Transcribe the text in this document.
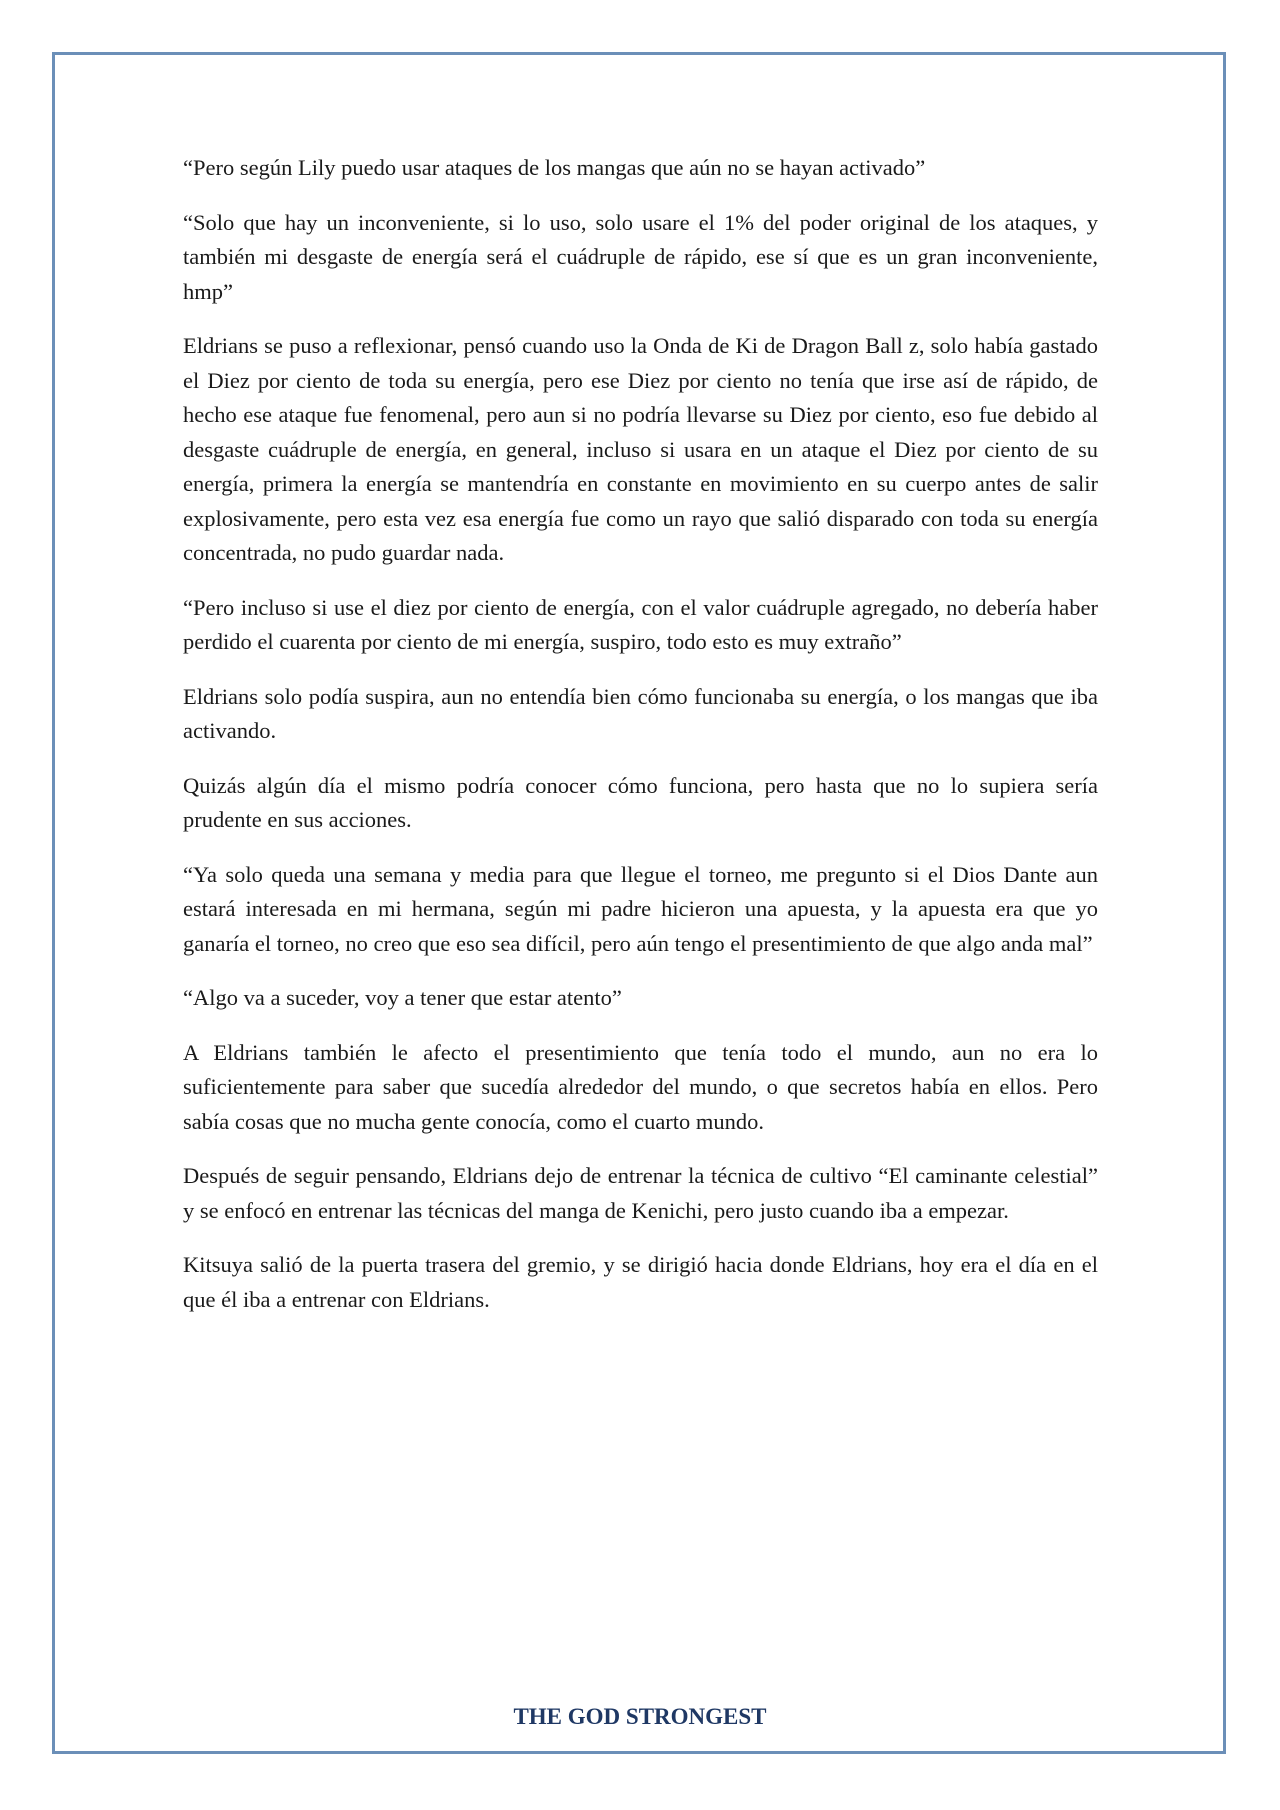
“Pero según Lily puedo usar ataques de los mangas que aún no se hayan activado”

“Solo que hay un inconveniente, si lo uso, solo usare el 1% del poder original de los ataques, y también mi desgaste de energía será el cuádruple de rápido, ese sí que es un gran inconveniente, hmp”

Eldrians se puso a reflexionar, pensó cuando uso la Onda de Ki de Dragon Ball z, solo había gastado el Diez por ciento de toda su energía, pero ese Diez por ciento no tenía que irse así de rápido, de hecho ese ataque fue fenomenal, pero aun si no podría llevarse su Diez por ciento, eso fue debido al desgaste cuádruple de energía, en general, incluso si usara en un ataque el Diez por ciento de su energía, primera la energía se mantendría en constante en movimiento en su cuerpo antes de salir explosivamente, pero esta vez esa energía fue como un rayo que salió disparado con toda su energía concentrada, no pudo guardar nada.

“Pero incluso si use el diez por ciento de energía, con el valor cuádruple agregado, no debería haber perdido el cuarenta por ciento de mi energía, suspiro, todo esto es muy extraño”

Eldrians solo podía suspira, aun no entendía bien cómo funcionaba su energía, o los mangas que iba activando.

Quizás algún día el mismo podría conocer cómo funciona, pero hasta que no lo supiera sería prudente en sus acciones.

“Ya solo queda una semana y media para que llegue el torneo, me pregunto si el Dios Dante aun estará interesada en mi hermana, según mi padre hicieron una apuesta, y la apuesta era que yo ganaría el torneo, no creo que eso sea difícil, pero aún tengo el presentimiento de que algo anda mal”

“Algo va a suceder, voy a tener que estar atento”

A Eldrians también le afecto el presentimiento que tenía todo el mundo, aun no era lo suficientemente para saber que sucedía alrededor del mundo, o que secretos había en ellos. Pero sabía cosas que no mucha gente conocía, como el cuarto mundo.

Después de seguir pensando, Eldrians dejo de entrenar la técnica de cultivo “El caminante celestial” y se enfocó en entrenar las técnicas del manga de Kenichi, pero justo cuando iba a empezar.

Kitsuya salió de la puerta trasera del gremio, y se dirigió hacia donde Eldrians, hoy era el día en el que él iba a entrenar con Eldrians.

THE GOD STRONGEST
